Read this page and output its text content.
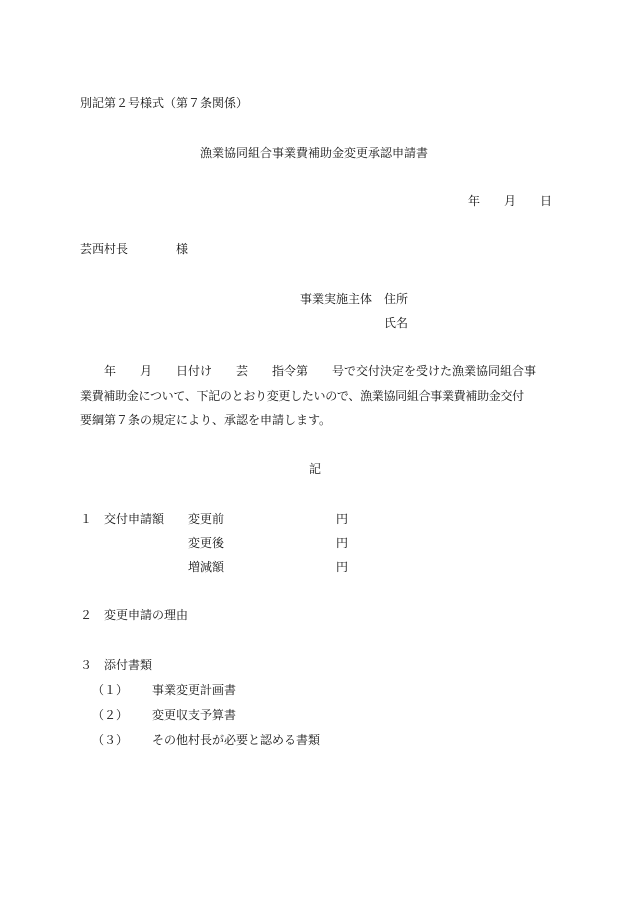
別記第２号様式（第７条関係）
漁業協同組合事業費補助金変更承認申請書
年 月 日
芸西村長	様
事業実施主体 住所
氏名
年 月 日付け 芸 指令第 号で交付決定を受けた漁業協同組合事
業費補助金について、下記のとおり変更したいので、漁業協同組合事業費補助金交付
要綱第７条の規定により、承認を申請します。
記
１ 交付申請額 変更前	円
変更後	円
増減額	円
２ 変更申請の理由
３ 添付書類
（１） 事業変更計画書
（２） 変更収支予算書
（３） その他村長が必要と認める書類
